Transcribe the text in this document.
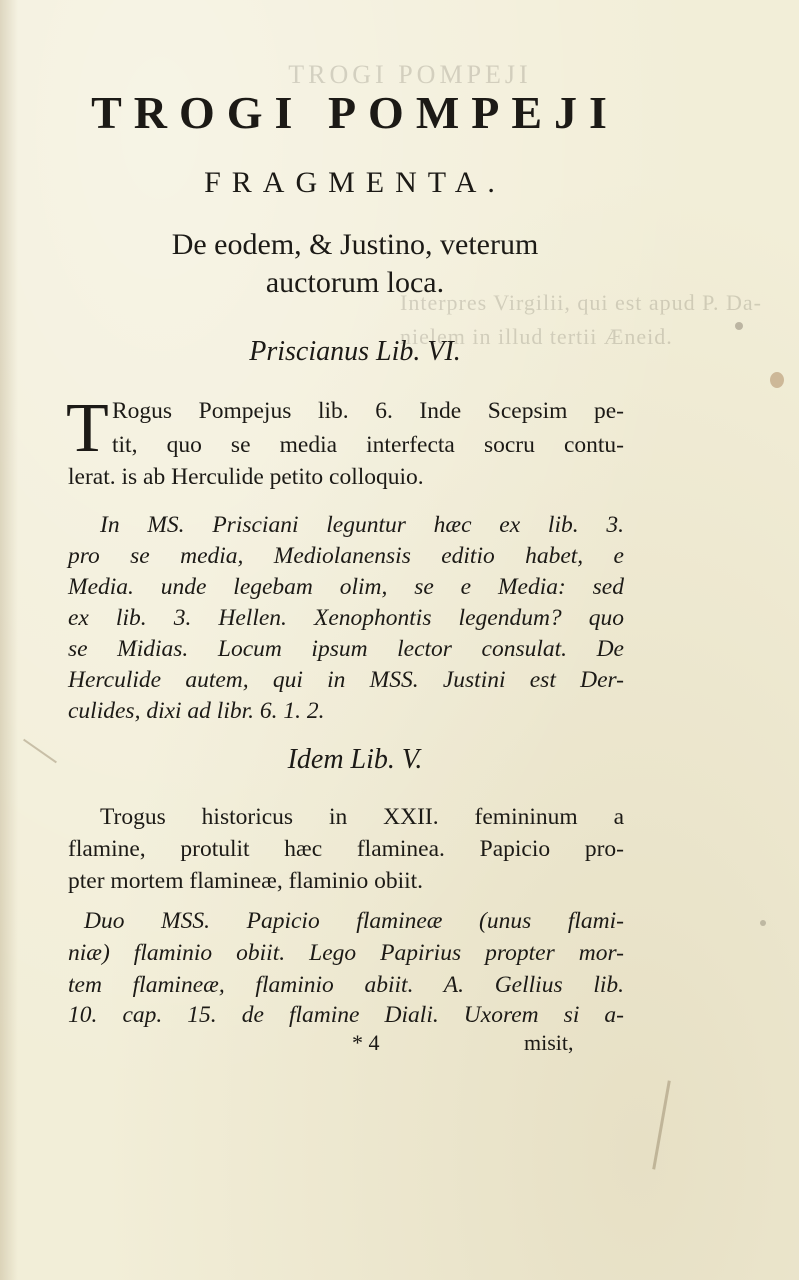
TROGI POMPEJI
Interpres Virgilii, qui est apud P. Da-
nielem in illud tertii Æneid.
TROGI POMPEJI
FRAGMENTA.
De eodem, & Justino, veterum
auctorum loca.
Priscianus Lib. VI.
T Rogus Pompejus lib. 6. Inde Scepsim pe-
tit, quo se media interfecta socru contu-
lerat. is ab Herculide petito colloquio.
In MS. Prisciani leguntur hæc ex lib. 3.
pro se media, Mediolanensis editio habet, e
Media. unde legebam olim, se e Media: sed
ex lib. 3. Hellen. Xenophontis legendum? quo
se Midias. Locum ipsum lector consulat. De
Herculide autem, qui in MSS. Justini est Der-
culides, dixi ad libr. 6. 1. 2.
Idem Lib. V.
Trogus historicus in XXII. femininum a
flamine, protulit hæc flaminea. Papicio pro-
pter mortem flamineæ, flaminio obiit.
Duo MSS. Papicio flamineæ (unus flami-
niæ) flaminio obiit. Lego Papirius propter mor-
tem flamineæ, flaminio abiit. A. Gellius lib.
10. cap. 15. de flamine Diali. Uxorem si a-
* 4	misit,
